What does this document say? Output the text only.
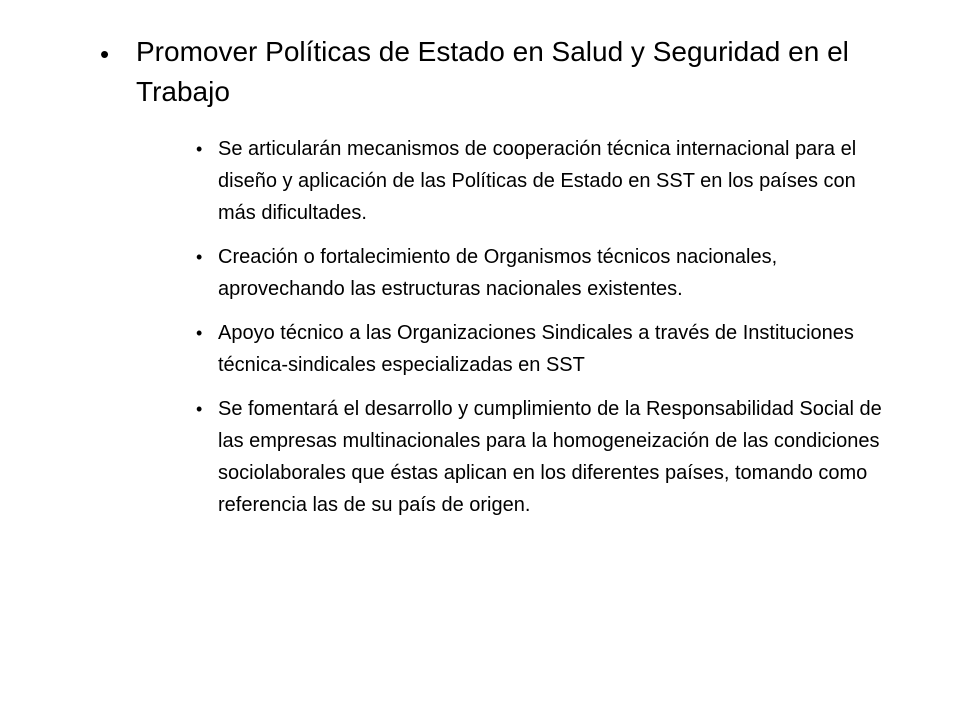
• Promover Políticas de Estado en Salud y Seguridad en el Trabajo
• Se articularán mecanismos de cooperación técnica internacional para el diseño y aplicación de las Políticas de Estado en SST en los países con más dificultades.
• Creación o fortalecimiento de Organismos técnicos nacionales, aprovechando las estructuras nacionales existentes.
• Apoyo técnico a las Organizaciones Sindicales a través de Instituciones técnica-sindicales especializadas en SST
• Se fomentará el desarrollo y cumplimiento de la Responsabilidad Social de las empresas multinacionales para la homogeneización de las condiciones sociolaborales que éstas aplican en los diferentes países, tomando como referencia las de su país de origen.
